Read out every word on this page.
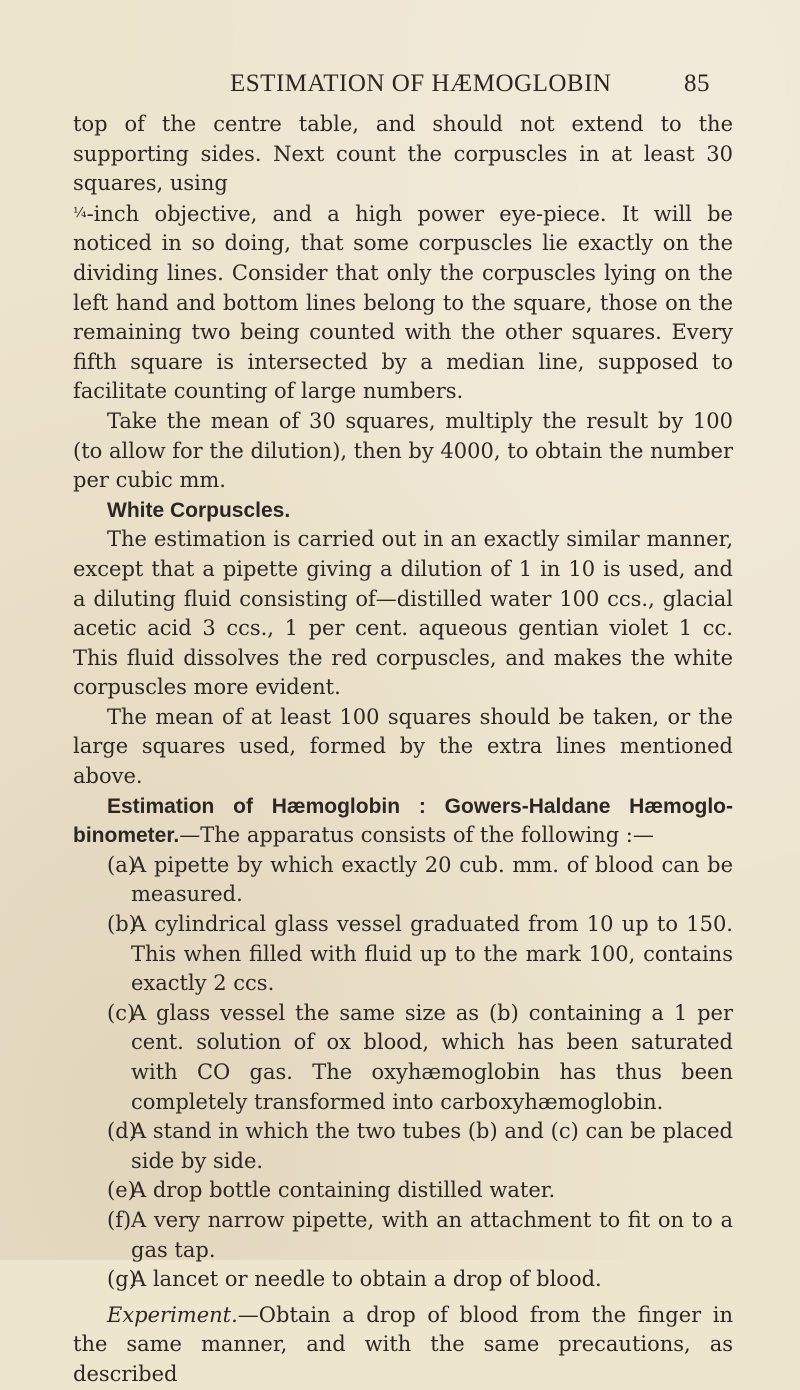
ESTIMATION OF HÆMOGLOBIN	85

top of the centre table, and should not extend to the supporting sides. Next count the corpuscles in at least 30 squares, using
¼-inch objective, and a high power eye-piece. It will be noticed in so doing, that some corpuscles lie exactly on the dividing lines. Consider that only the corpuscles lying on the left hand and bottom lines belong to the square, those on the remaining two being counted with the other squares. Every fifth square is intersected by a median line, supposed to facilitate counting of large numbers.

Take the mean of 30 squares, multiply the result by 100 (to allow for the dilution), then by 4000, to obtain the number per cubic mm.

White Corpuscles.

The estimation is carried out in an exactly similar manner, except that a pipette giving a dilution of 1 in 10 is used, and a diluting fluid consisting of—distilled water 100 ccs., glacial acetic acid 3 ccs., 1 per cent. aqueous gentian violet 1 cc. This fluid dissolves the red corpuscles, and makes the white corpuscles more evident.

The mean of at least 100 squares should be taken, or the large squares used, formed by the extra lines mentioned above.

Estimation of Hæmoglobin : Gowers-Haldane Hæmoglo- binometer.—The apparatus consists of the following :—

(a)
A pipette by which exactly 20 cub. mm. of blood can be measured.

(b)
A cylindrical glass vessel graduated from 10 up to 150. This when filled with fluid up to the mark 100, contains exactly 2 ccs.

(c)
A glass vessel the same size as (b) containing a 1 per cent. solution of ox blood, which has been saturated with CO gas. The oxyhæmoglobin has thus been completely transformed into carboxyhæmoglobin.

(d)
A stand in which the two tubes (b) and (c) can be placed side by side.

(e)
A drop bottle containing distilled water.

(f) A very narrow pipette, with an attachment to fit on to a gas tap.

(g)
A lancet or needle to obtain a drop of blood.

Experiment.—Obtain a drop of blood from the finger in the same manner, and with the same precautions, as described
